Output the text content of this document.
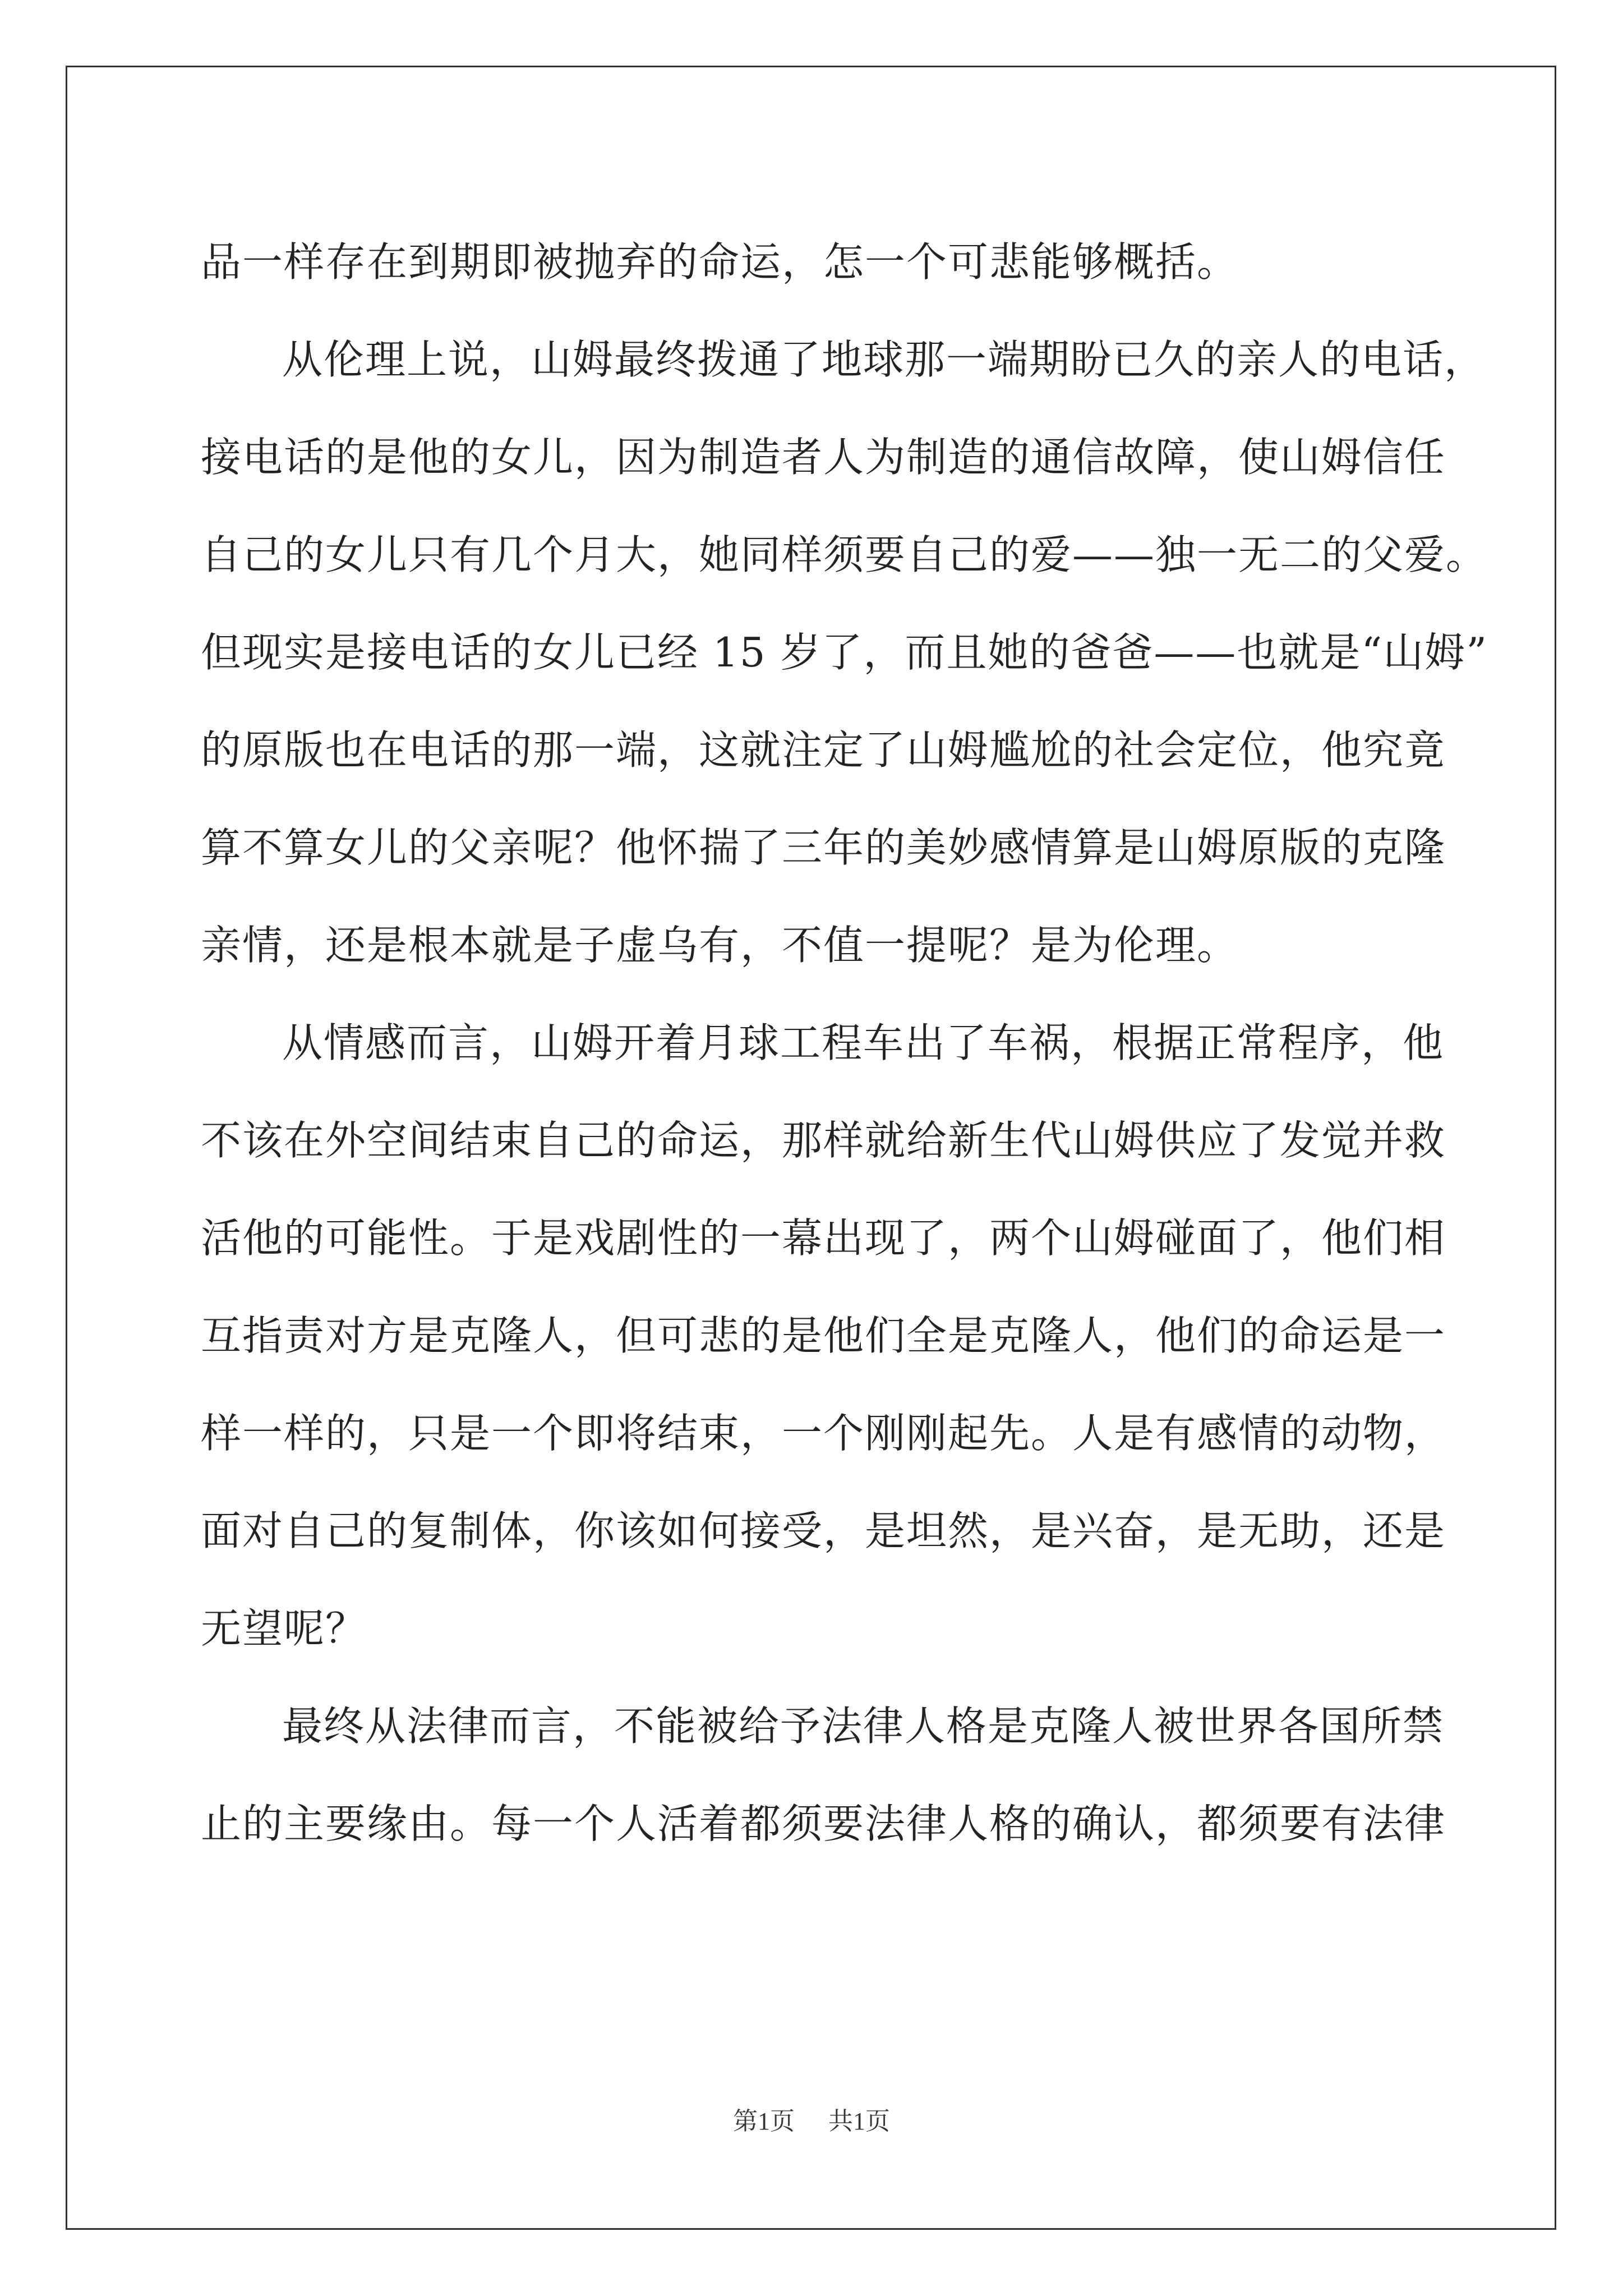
品一样存在到期即被抛弃的命运，怎一个可悲能够概括。
从伦理上说，山姆最终拨通了地球那一端期盼已久的亲人的电话，
接电话的是他的女儿，因为制造者人为制造的通信故障，使山姆信任
自己的女儿只有几个月大，她同样须要自己的爱——独一无二的父爱。
但现实是接电话的女儿已经 15 岁了，而且她的爸爸——也就是“山姆”
的原版也在电话的那一端，这就注定了山姆尴尬的社会定位，他究竟
算不算女儿的父亲呢？他怀揣了三年的美妙感情算是山姆原版的克隆
亲情，还是根本就是子虚乌有，不值一提呢？是为伦理。
从情感而言，山姆开着月球工程车出了车祸，根据正常程序，他
不该在外空间结束自己的命运，那样就给新生代山姆供应了发觉并救
活他的可能性。于是戏剧性的一幕出现了，两个山姆碰面了，他们相
互指责对方是克隆人，但可悲的是他们全是克隆人，他们的命运是一
样一样的，只是一个即将结束，一个刚刚起先。人是有感情的动物，
面对自己的复制体，你该如何接受，是坦然，是兴奋，是无助，还是
无望呢？
最终从法律而言，不能被给予法律人格是克隆人被世界各国所禁
止的主要缘由。每一个人活着都须要法律人格的确认，都须要有法律
第1页 共1页
